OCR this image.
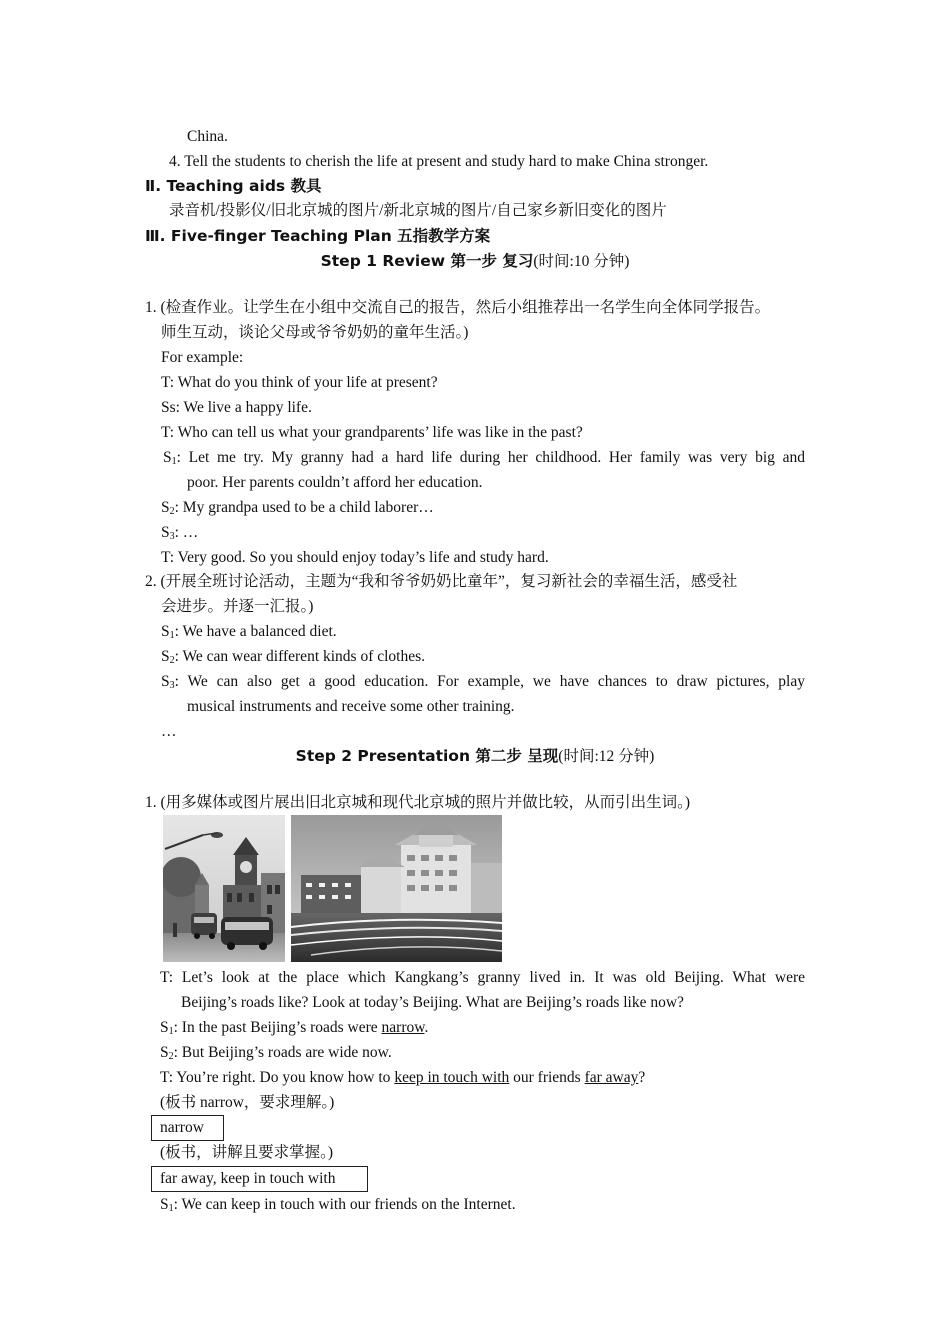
China.
4. Tell the students to cherish the life at present and study hard to make China stronger.
Ⅱ. Teaching aids 教具
录音机/投影仪/旧北京城的图片/新北京城的图片/自己家乡新旧变化的图片
Ⅲ. Five-finger Teaching Plan 五指教学方案
Step 1 Review 第一步 复习(时间:10 分钟)
1. (检查作业。让学生在小组中交流自己的报告，然后小组推荐出一名学生向全体同学报告。
师生互动，谈论父母或爷爷奶奶的童年生活。)
For example:
T: What do you think of your life at present?
Ss: We live a happy life.
T: Who can tell us what your grandparents’ life was like in the past?
$S_1$: Let me try. My granny had a hard life during her childhood. Her family was very big and
poor. Her parents couldn’t afford her education.
$S_2$: My grandpa used to be a child laborer…
$S_3$: …
T: Very good. So you should enjoy today’s life and study hard.
2. (开展全班讨论活动，主题为“我和爷爷奶奶比童年”，复习新社会的幸福生活，感受社
会进步。并逐一汇报。)
$S_1$: We have a balanced diet.
$S_2$: We can wear different kinds of clothes.
$S_3$: We can also get a good education. For example, we have chances to draw pictures, play
musical instruments and receive some other training.
…
Step 2 Presentation 第二步 呈现(时间:12 分钟)
1. (用多媒体或图片展出旧北京城和现代北京城的照片并做比较，从而引出生词。)
T: Let’s look at the place which Kangkang’s granny lived in. It was old Beijing. What were
Beijing’s roads like? Look at today’s Beijing. What are Beijing’s roads like now?
$S_1$: In the past Beijing’s roads were narrow.
$S_2$: But Beijing’s roads are wide now.
T: You’re right. Do you know how to keep in touch with our friends far away?
(板书 narrow，要求理解。)
narrow
(板书，讲解且要求掌握。)
far away, keep in touch with
$S_1$: We can keep in touch with our friends on the Internet.
